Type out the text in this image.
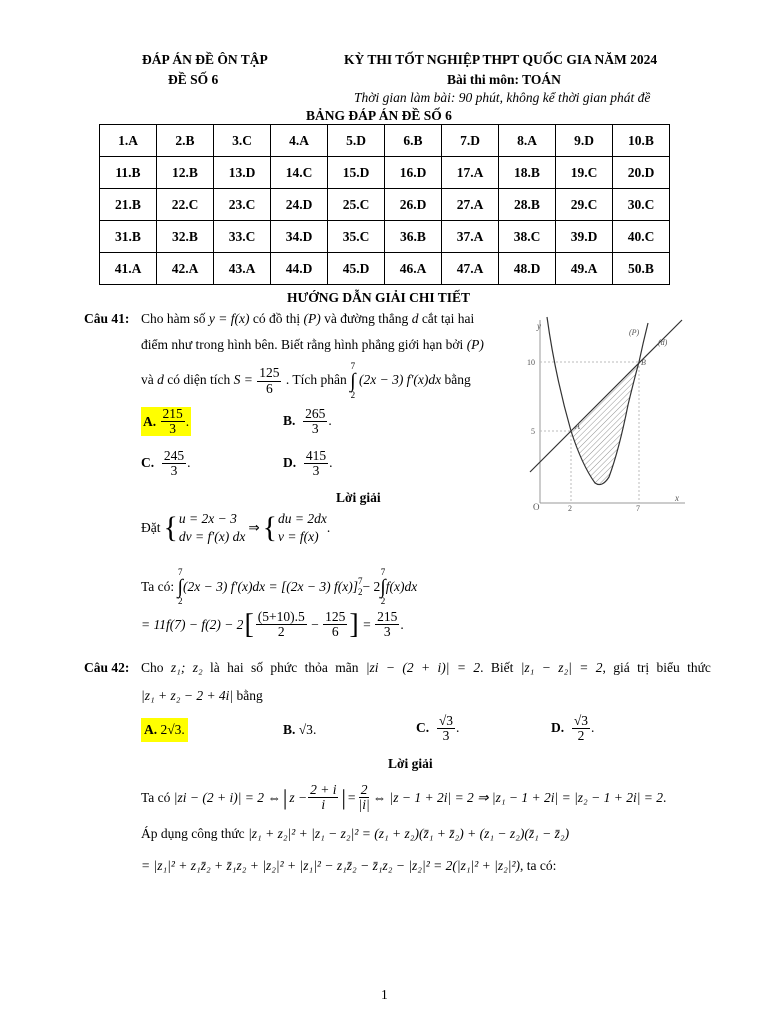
ĐÁP ÁN ĐỀ ÔN TẬP
ĐỀ SỐ 6
KỲ THI TỐT NGHIỆP THPT QUỐC GIA NĂM 2024
Bài thi môn: TOÁN
Thời gian làm bài: 90 phút, không kể thời gian phát đề
BẢNG ĐÁP ÁN ĐỀ SỐ 6
1.A	2.B	3.C	4.A	5.D	6.B	7.D	8.A	9.D	10.B
11.B	12.B	13.D	14.C	15.D	16.D	17.A	18.B	19.C	20.D
21.B	22.C	23.C	24.D	25.C	26.D	27.A	28.B	29.C	30.C
31.B	32.B	33.C	34.D	35.C	36.B	37.A	38.C	39.D	40.C
41.A	42.A	43.A	44.D	45.D	46.A	47.A	48.D	49.A	50.B
HƯỚNG DẪN GIẢI CHI TIẾT
Câu 41: Cho hàm số y = f(x) có đồ thị (P) và đường thẳng d cắt tại hai
điểm như trong hình bên. Biết rằng hình phẳng giới hạn bởi (P)
và d có diện tích $S = \frac{125}{6}$ . Tích phân
7
∫
2
(2x − 3) f′(x)dx bằng
A.
$\frac{215}{3}$ .	B. $\frac{265}{3}$ .
C. $\frac{245}{3}$ .	D. $\frac{415}{3}$ .
y
x
O
10
5
2	7
(P)
(d)
A
B
Lời giải
Đặt { u = 2x − 3
dv = f′(x) dx
⇒ { du = 2dx
v = f(x)
.
Ta có:

7
∫
2
(2x − 3) f′(x)dx = [(2x − 3) f(x)] 7
2 − 2
7
∫
2
f(x)dx
= 11f(7) − f(2) − 2 [ $\frac{(5+10).5}{2} - \frac{125}{6}$ ] = $\frac{215}{3}$ .
Câu 42: Cho z₁; z₂ là hai số phức thỏa mãn |zi − (2 + i)| = 2. Biết |z₁ − z₂| = 2, giá trị biểu thức
|z₁ + z₂ − 2 + 4i| bằng
A. 2√3.	B. √3.	C. $\frac{√3}{3}$ .	D. $\frac{√3}{2}$ .
Lời giải
Ta có
|zi − (2 + i)| = 2 ⇔ | $z - \frac{2 + i}{i}$ | = $\frac{2}{|i|}$ ⇔ |z − 1 + 2i| = 2 ⇒ |z₁ − 1 + 2i| = |z₂ − 1 + 2i| = 2 .
Áp dụng công thức |z₁ + z₂|² + |z₁ − z₂|² = (z₁ + z₂)(z̄₁ + z̄₂) + (z₁ − z₂)(z̄₁ − z̄₂)
= |z₁|² + z₁z̄₂ + z̄₁z₂ + |z₂|² + |z₁|² − z₁z̄₂ − z̄₁z₂ − |z₂|² = 2(|z₁|² + |z₂|²), ta có:
1
